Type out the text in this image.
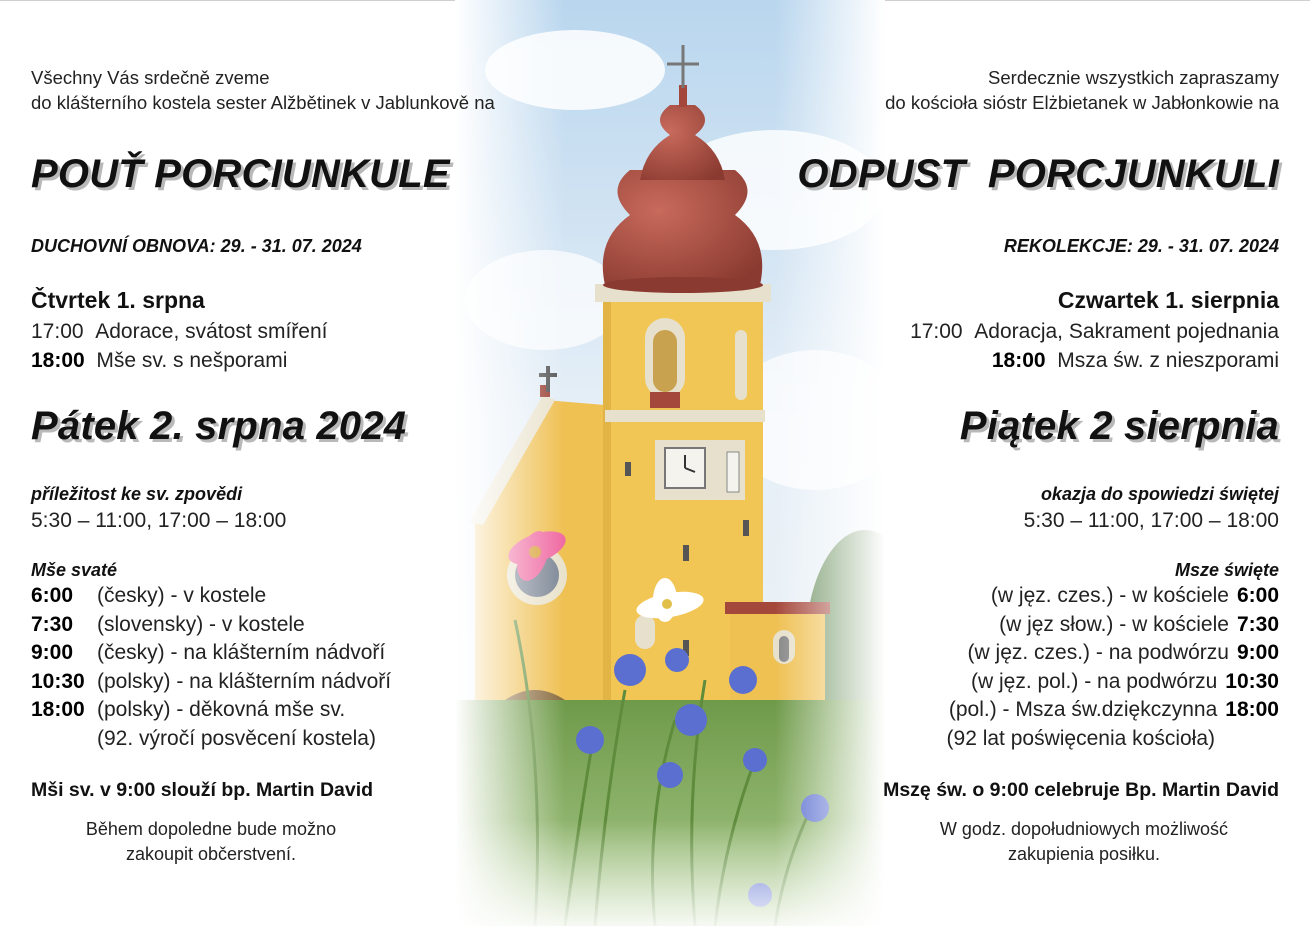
Všechny Vás srdečně zveme
do klášterního kostela sester Alžbětinek v Jablunkově na
POUŤ PORCIUNKULE
DUCHOVNÍ OBNOVA: 29. - 31. 07. 2024
Čtvrtek 1. srpna
17:00 Adorace, svátost smíření
18:00 Mše sv. s nešporami
Pátek 2. srpna 2024
příležitost ke sv. zpovědi
5:30 – 11:00, 17:00 – 18:00
Mše svaté
6:00 (česky) - v kostele
7:30 (slovensky) - v kostele
9:00 (česky) - na klášterním nádvoří
10:30 (polsky) - na klášterním nádvoří
18:00 (polsky) - děkovná mše sv.
(92. výročí posvěcení kostela)
Mši sv. v 9:00 slouží bp. Martin David
Během dopoledne bude možno
zakoupit občerstvení.
Serdecznie wszystkich zapraszamy
do kościoła sióstr Elżbietanek w Jabłonkowie na
ODPUST  PORCJUNKULI
REKOLEKCJE: 29. - 31. 07. 2024
Czwartek 1. sierpnia
17:00 Adoracja, Sakrament pojednania
18:00 Msza św. z nieszporami
Piątek 2 sierpnia
okazja do spowiedzi świętej
5:30 – 11:00, 17:00 – 18:00
Msze święte
(w jęz. czes.) - w kościele 6:00
(w jęz słow.) - w kościele 7:30
(w jęz. czes.) - na podwórzu 9:00
(w jęz. pol.) - na podwórzu 10:30
(pol.) - Msza św.dziękczynna 18:00
(92 lat poświęcenia kościoła)
Mszę św. o 9:00 celebruje Bp. Martin David
W godz. dopołudniowych możliwość
zakupienia posiłku.
